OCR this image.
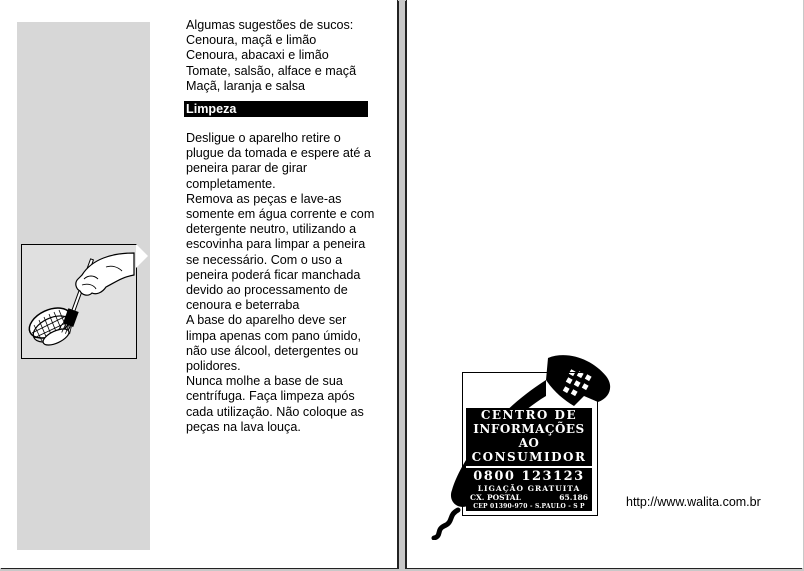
Algumas sugestões de sucos:
Cenoura, maçã e limão
Cenoura, abacaxi e limão
Tomate, salsão, alface e maçã
Maçã, laranja e salsa
Limpeza
Desligue o aparelho retire o
plugue da tomada e espere até a
peneira parar de girar
completamente.
Remova as peças e lave-as
somente em água corrente e com
detergente neutro, utilizando a
escovinha para limpar a peneira
se necessário. Com o uso a
peneira poderá ficar manchada
devido ao processamento de
cenoura e beterraba
A base do aparelho deve ser
limpa apenas com pano úmido,
não use álcool, detergentes ou
polidores.
Nunca molhe a base de sua
centrífuga. Faça limpeza após
cada utilização. Não coloque as
peças na lava louça.
CENTRO DE
INFORMAÇÕES AO
CONSUMIDOR
0800 123123
LIGAÇÃO GRATUITA
CX. POSTAL	65.186
CEP 01390-970 - S.PAULO - S P	http://www.walita.com.br
